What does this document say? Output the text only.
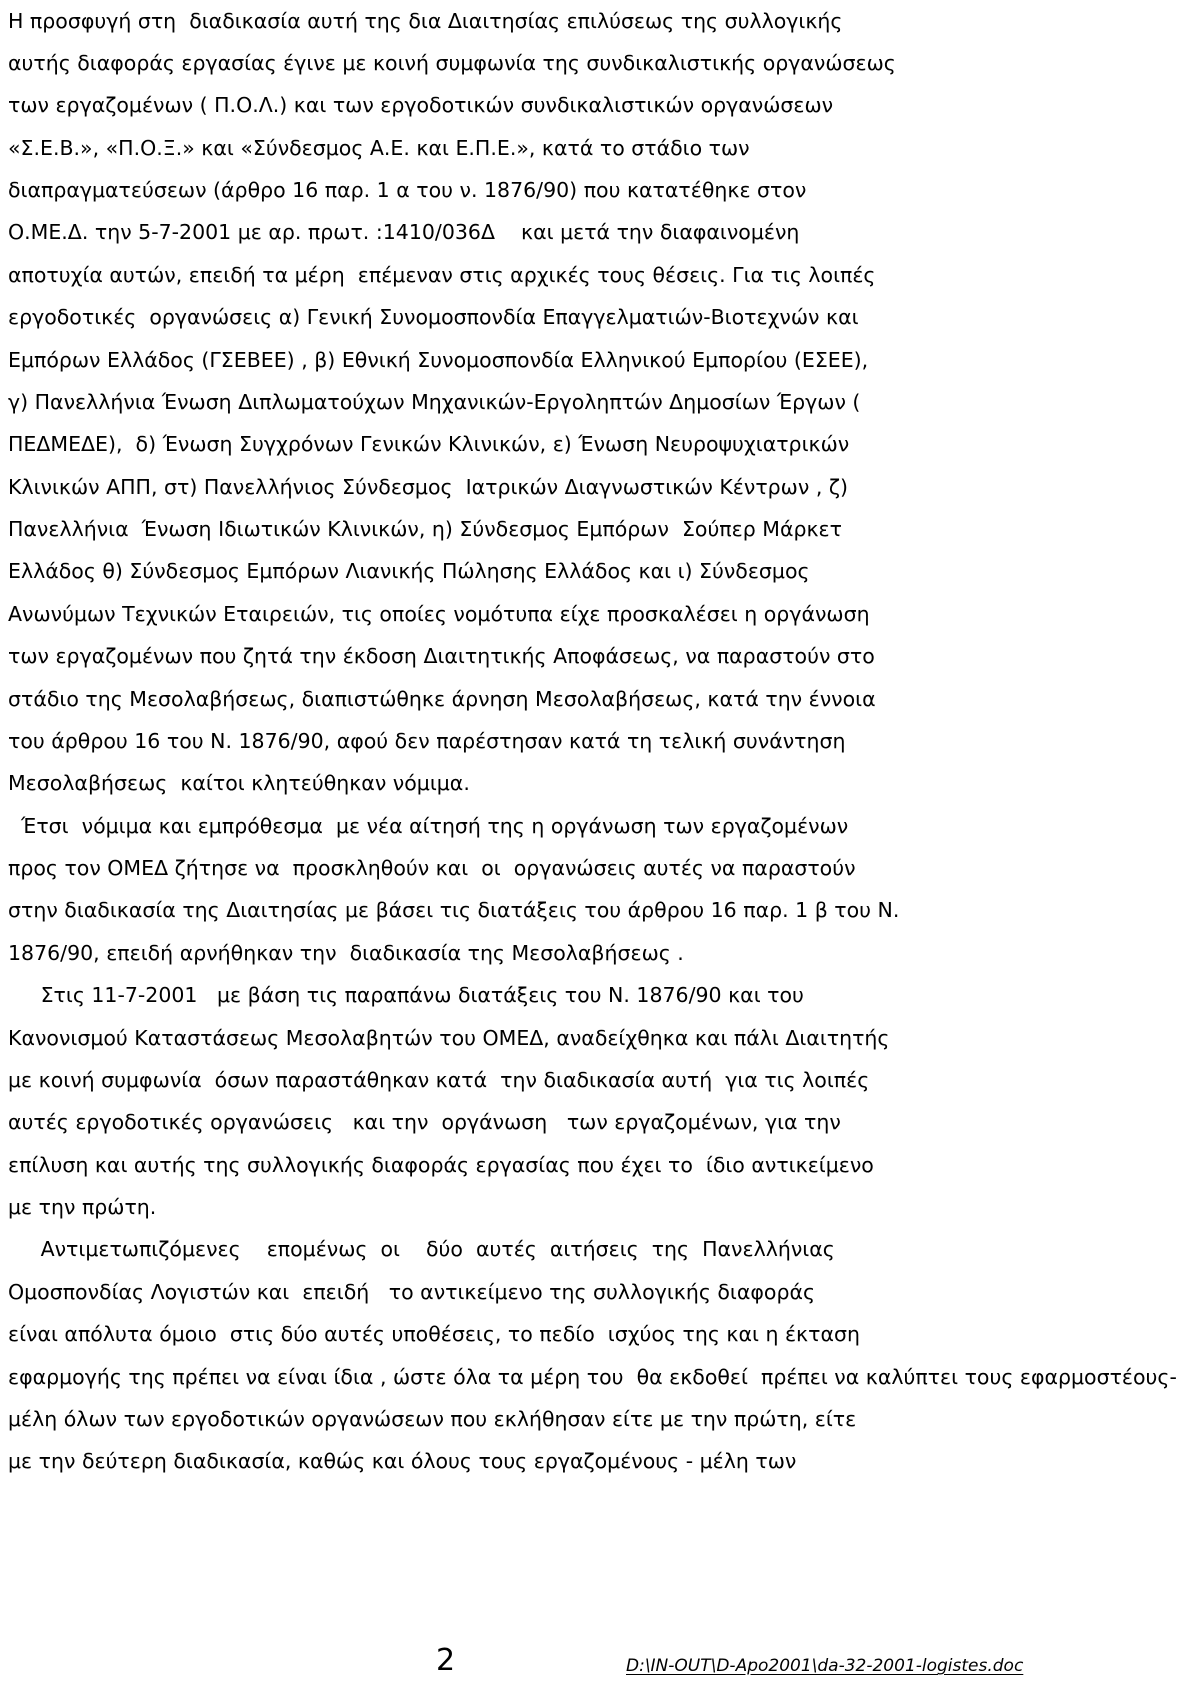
Η προσφυγή στη  διαδικασία αυτή της δια Διαιτησίας επιλύσεως της συλλογικής
αυτής διαφοράς εργασίας έγινε με κοινή συμφωνία της συνδικαλιστικής οργανώσεως
των εργαζομένων ( Π.Ο.Λ.) και των εργοδοτικών συνδικαλιστικών οργανώσεων
«Σ.Ε.Β.», «Π.Ο.Ξ.» και «Σύνδεσμος Α.Ε. και Ε.Π.Ε.», κατά το στάδιο των
διαπραγματεύσεων (άρθρο 16 παρ. 1 α του ν. 1876/90) που κατατέθηκε στον
Ο.ΜΕ.Δ. την 5-7-2001 με αρ. πρωτ. :1410/036Δ    και μετά την διαφαινομένη
αποτυχία αυτών, επειδή τα μέρη  επέμεναν στις αρχικές τους θέσεις. Για τις λοιπές
εργοδοτικές  οργανώσεις α) Γενική Συνομοσπονδία Επαγγελματιών-Βιοτεχνών και
Εμπόρων Ελλάδος (ΓΣΕΒΕΕ) , β) Εθνική Συνομοσπονδία Ελληνικού Εμπορίου (ΕΣΕΕ),
γ) Πανελλήνια Ένωση Διπλωματούχων Μηχανικών-Εργοληπτών Δημοσίων Έργων (
ΠΕΔΜΕΔΕ),  δ) Ένωση Συγχρόνων Γενικών Κλινικών, ε) Ένωση Νευροψυχιατρικών
Κλινικών ΑΠΠ, στ) Πανελλήνιος Σύνδεσμος  Ιατρικών Διαγνωστικών Κέντρων , ζ)
Πανελλήνια  Ένωση Ιδιωτικών Κλινικών, η) Σύνδεσμος Εμπόρων  Σούπερ Μάρκετ
Ελλάδος θ) Σύνδεσμος Εμπόρων Λιανικής Πώλησης Ελλάδος και ι) Σύνδεσμος
Ανωνύμων Τεχνικών Εταιρειών, τις οποίες νομότυπα είχε προσκαλέσει η οργάνωση
των εργαζομένων που ζητά την έκδοση Διαιτητικής Αποφάσεως, να παραστούν στο
στάδιο της Μεσολαβήσεως, διαπιστώθηκε άρνηση Μεσολαβήσεως, κατά την έννοια
του άρθρου 16 του Ν. 1876/90, αφού δεν παρέστησαν κατά τη τελική συνάντηση
Μεσολαβήσεως  καίτοι κλητεύθηκαν νόμιμα.
Έτσι  νόμιμα και εμπρόθεσμα  με νέα αίτησή της η οργάνωση των εργαζομένων
προς τον ΟΜΕΔ ζήτησε να  προσκληθούν και  οι  οργανώσεις αυτές να παραστούν
στην διαδικασία της Διαιτησίας με βάσει τις διατάξεις του άρθρου 16 παρ. 1 β του Ν.
1876/90, επειδή αρνήθηκαν την  διαδικασία της Μεσολαβήσεως .
Στις 11-7-2001   με βάση τις παραπάνω διατάξεις του Ν. 1876/90 και του
Κανονισμού Καταστάσεως Μεσολαβητών του ΟΜΕΔ, αναδείχθηκα και πάλι Διαιτητής
με κοινή συμφωνία  όσων παραστάθηκαν κατά  την διαδικασία αυτή  για τις λοιπές
αυτές εργοδοτικές οργανώσεις   και την  οργάνωση   των εργαζομένων, για την
επίλυση και αυτής της συλλογικής διαφοράς εργασίας που έχει το  ίδιο αντικείμενο
με την πρώτη.
Αντιμετωπιζόμενες    επομένως  οι    δύο  αυτές  αιτήσεις  της  Πανελλήνιας
Ομοσπονδίας Λογιστών και  επειδή   το αντικείμενο της συλλογικής διαφοράς
είναι απόλυτα όμοιο  στις δύο αυτές υποθέσεις, το πεδίο  ισχύος της και η έκταση
εφαρμογής της πρέπει να είναι ίδια , ώστε όλα τα μέρη του  θα εκδοθεί  πρέπει να καλύπτει τους εφαρμοστέους-
μέλη όλων των εργοδοτικών οργανώσεων που εκλήθησαν είτε με την πρώτη, είτε
με την δεύτερη διαδικασία, καθώς και όλους τους εργαζομένους - μέλη των
2	D:\IN-OUT\D-Apo2001\da-32-2001-logistes.doc
